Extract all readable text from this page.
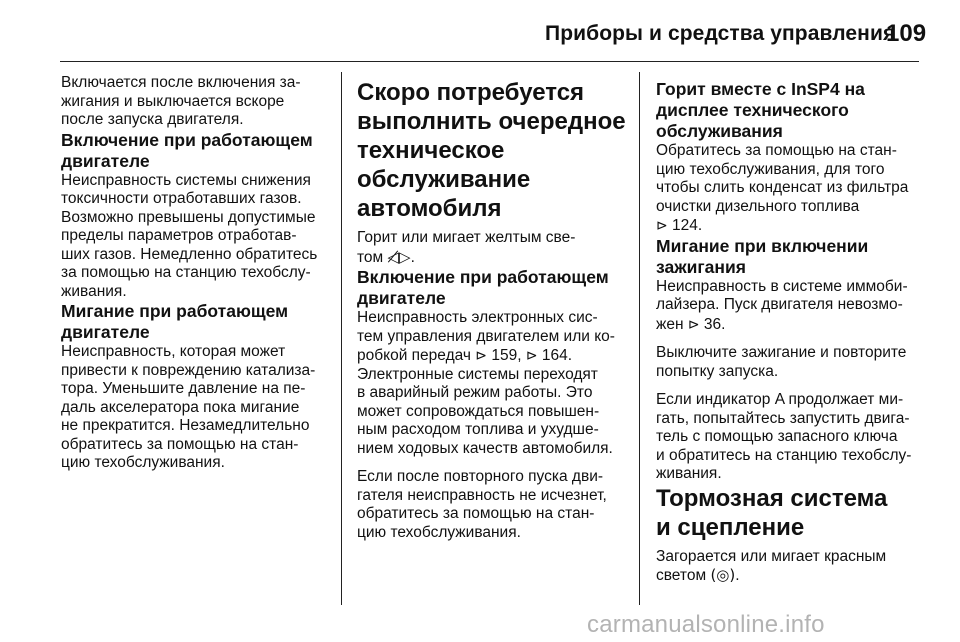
Приборы и средства управления
109

Включается после включения за-
жигания и выключается вскоре
после запуска двигателя.

Включение при работающем
двигателе

Неисправность системы снижения
токсичности отработавших газов.
Возможно превышены допустимые
пределы параметров отработав-
ших газов. Немедленно обратитесь
за помощью на станцию техобслу-
живания.

Мигание при работающем
двигателе

Неисправность, которая может
привести к повреждению катализа-
тора. Уменьшите давление на пе-
даль акселератора пока мигание
не прекратится. Незамедлительно
обратитесь за помощью на стан-
цию техобслуживания.

Скоро потребуется
выполнить очередное
техническое
обслуживание
автомобиля

Горит или мигает желтым све-
том ◁̸▷.

Включение при работающем
двигателе

Неисправность электронных сис-
тем управления двигателем или ко-
робкой передач ⊳ 159, ⊳ 164.
Электронные системы переходят
в аварийный режим работы. Это
может сопровождаться повышен-
ным расходом топлива и ухудше-
нием ходовых качеств автомобиля.

Если после повторного пуска дви-
гателя неисправность не исчезнет,
обратитесь за помощью на стан-
цию техобслуживания.

Горит вместе с InSP4 на
дисплее технического
обслуживания

Обратитесь за помощью на стан-
цию техобслуживания, для того
чтобы слить конденсат из фильтра
очистки дизельного топлива
⊳ 124.

Мигание при включении
зажигания

Неисправность в системе иммоби-
лайзера. Пуск двигателя невозмо-
жен ⊳ 36.

Выключите зажигание и повторите
попытку запуска.

Если индикатор A продолжает ми-
гать, попытайтесь запустить двига-
тель с помощью запасного ключа
и обратитесь на станцию техобслу-
живания.

Тормозная система
и сцепление

Загорается или мигает красным
светом (◎).

carmanualsonline.info
